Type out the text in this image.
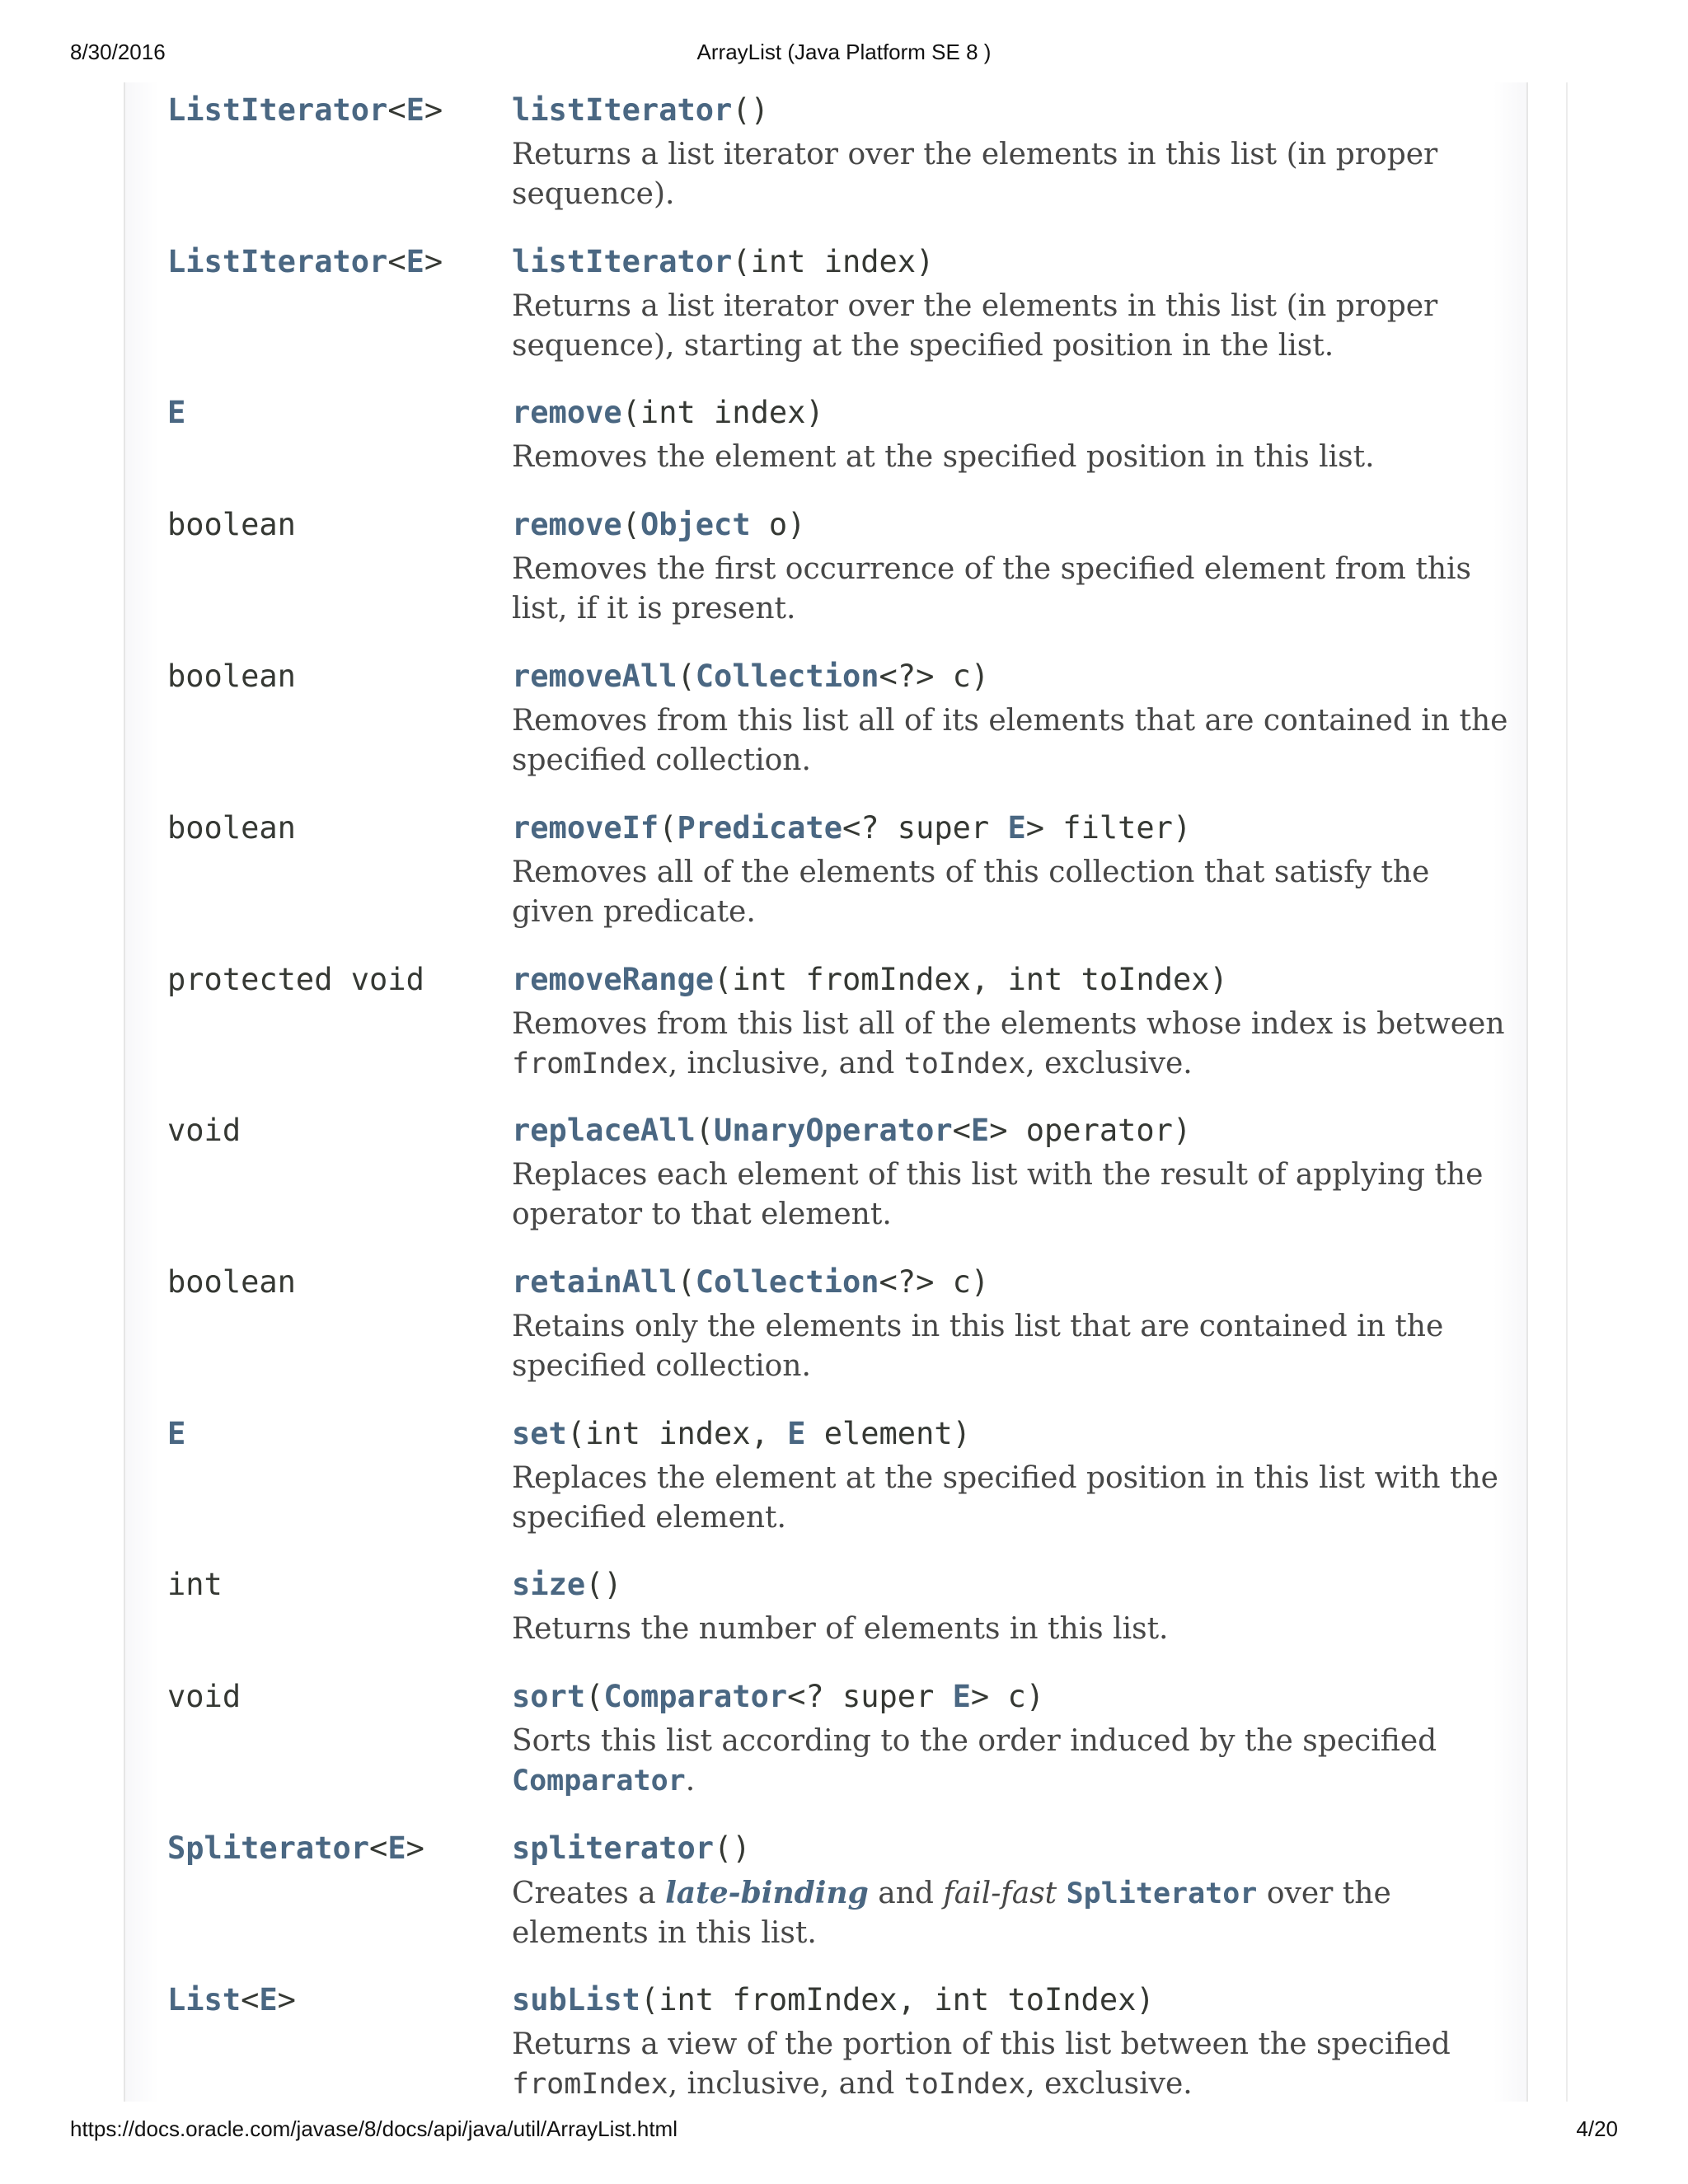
8/30/2016	ArrayList (Java Platform SE 8 )
ListIterator<E> listIterator()
Returns a list iterator over the elements in this list (in proper sequence).
ListIterator<E> listIterator(int index)
Returns a list iterator over the elements in this list (in proper sequence), starting at the specified position in the list.
E	remove(int index)
Removes the element at the specified position in this list.
boolean	remove(Object o)
Removes the first occurrence of the specified element from this list, if it is present.
boolean	removeAll(Collection<?> c)
Removes from this list all of its elements that are contained in the specified collection.
boolean	removeIf(Predicate<? super E> filter)
Removes all of the elements of this collection that satisfy the given predicate.
protected void	removeRange(int fromIndex, int toIndex)
Removes from this list all of the elements whose index is between fromIndex, inclusive, and toIndex, exclusive.
void	replaceAll(UnaryOperator<E> operator)
Replaces each element of this list with the result of applying the operator to that element.
boolean	retainAll(Collection<?> c)
Retains only the elements in this list that are contained in the specified collection.
E	set(int index, E element)
Replaces the element at the specified position in this list with the specified element.
int	size()
Returns the number of elements in this list.
void	sort(Comparator<? super E> c)
Sorts this list according to the order induced by the specified Comparator.
Spliterator<E>	spliterator()
Creates a late-binding and fail-fast Spliterator over the elements in this list.
List<E>	subList(int fromIndex, int toIndex)
Returns a view of the portion of this list between the specified fromIndex, inclusive, and toIndex, exclusive.
https://docs.oracle.com/javase/8/docs/api/java/util/ArrayList.html	4/20
